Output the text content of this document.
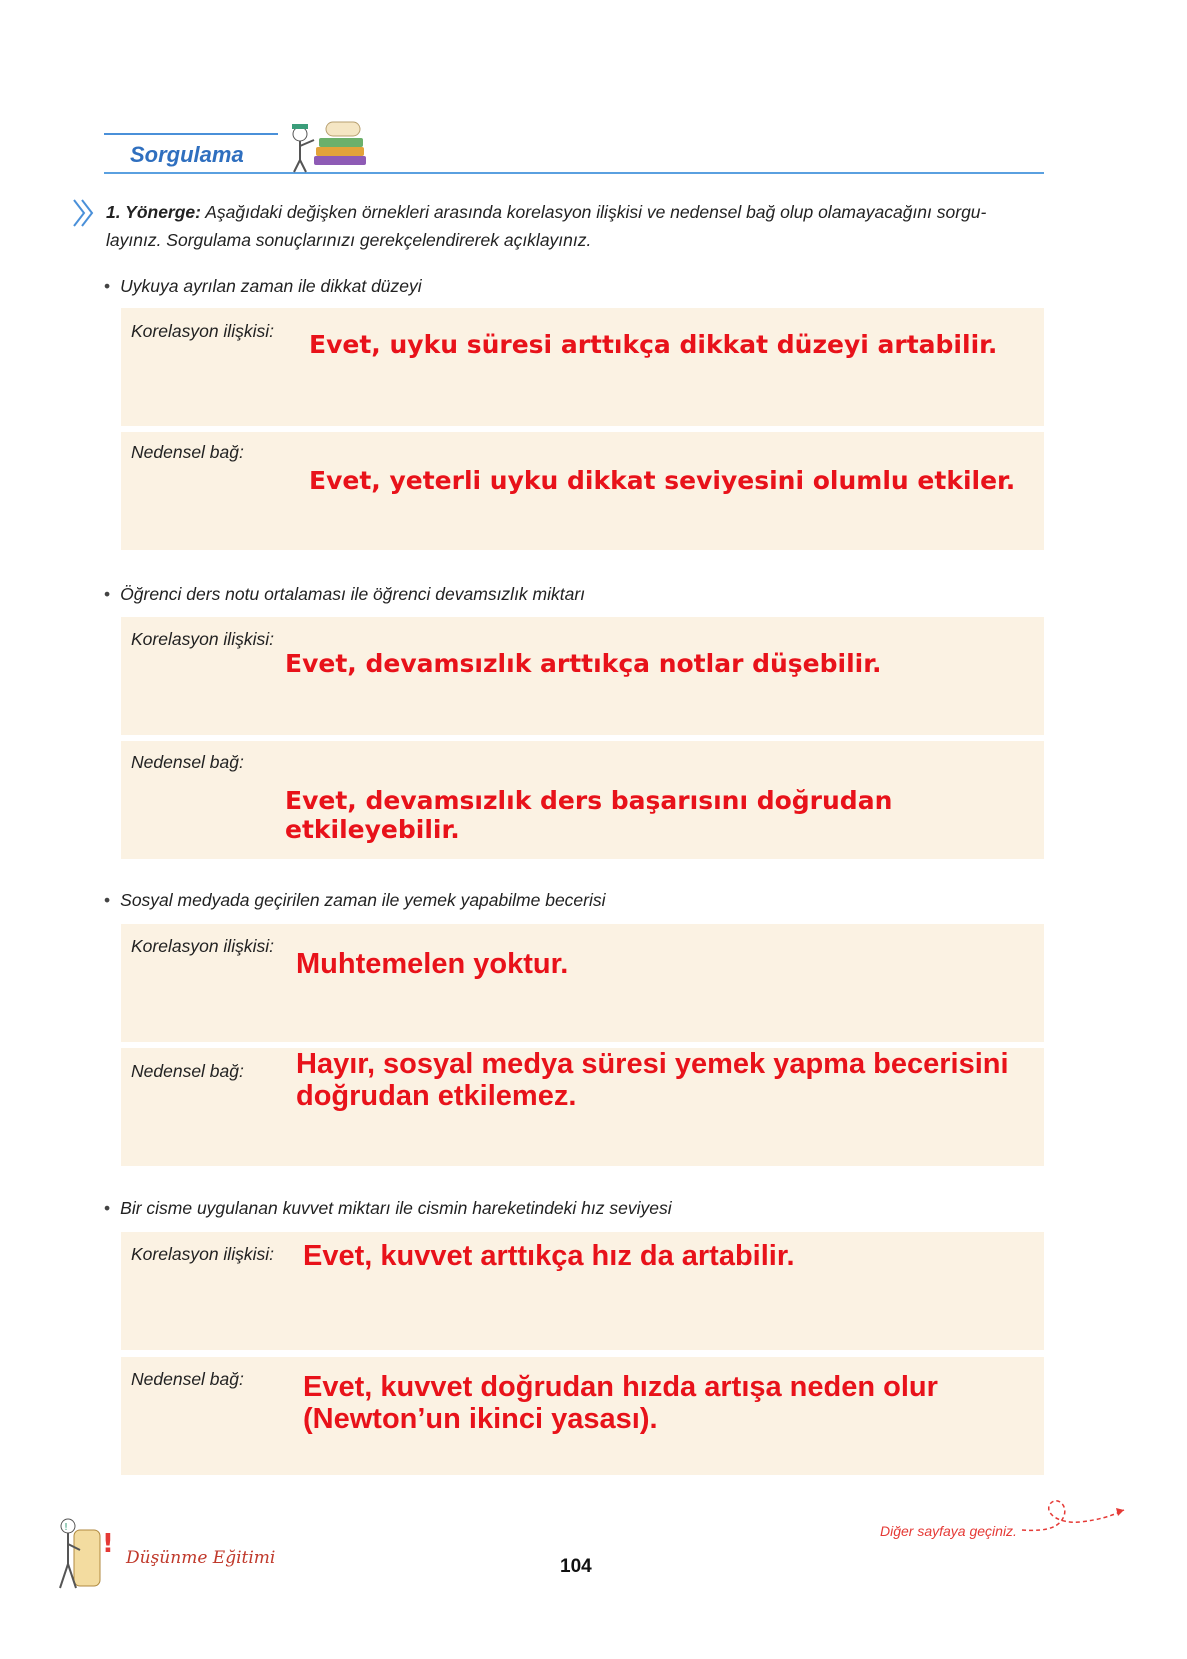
Sorgulama
1. Yönerge: Aşağıdaki değişken örnekleri arasında korelasyon ilişkisi ve nedensel bağ olup olamayacağını sorgu-
layınız. Sorgulama sonuçlarınızı gerekçelendirerek açıklayınız.
• Uykuya ayrılan zaman ile dikkat düzeyi
Korelasyon ilişkisi: Evet, uyku süresi arttıkça dikkat düzeyi artabilir.
Nedensel bağ:
Evet, yeterli uyku dikkat seviyesini olumlu etkiler.
• Öğrenci ders notu ortalaması ile öğrenci devamsızlık miktarı
Korelasyon ilişkisi:
Evet, devamsızlık arttıkça notlar düşebilir.
Nedensel bağ:
Evet, devamsızlık ders başarısını doğrudan etkileyebilir.
• Sosyal medyada geçirilen zaman ile yemek yapabilme becerisi
Korelasyon ilişkisi:
Muhtemelen yoktur.
Nedensel bağ: Hayır, sosyal medya süresi yemek yapma becerisini
doğrudan etkilemez.
• Bir cisme uygulanan kuvvet miktarı ile cismin hareketindeki hız seviyesi
Korelasyon ilişkisi: Evet, kuvvet arttıkça hız da artabilir.
Nedensel bağ: Evet, kuvvet doğrudan hızda artışa neden olur
(Newton’un ikinci yasası).
!
! Düşünme Eğitimi	104
Diğer sayfaya geçiniz.
